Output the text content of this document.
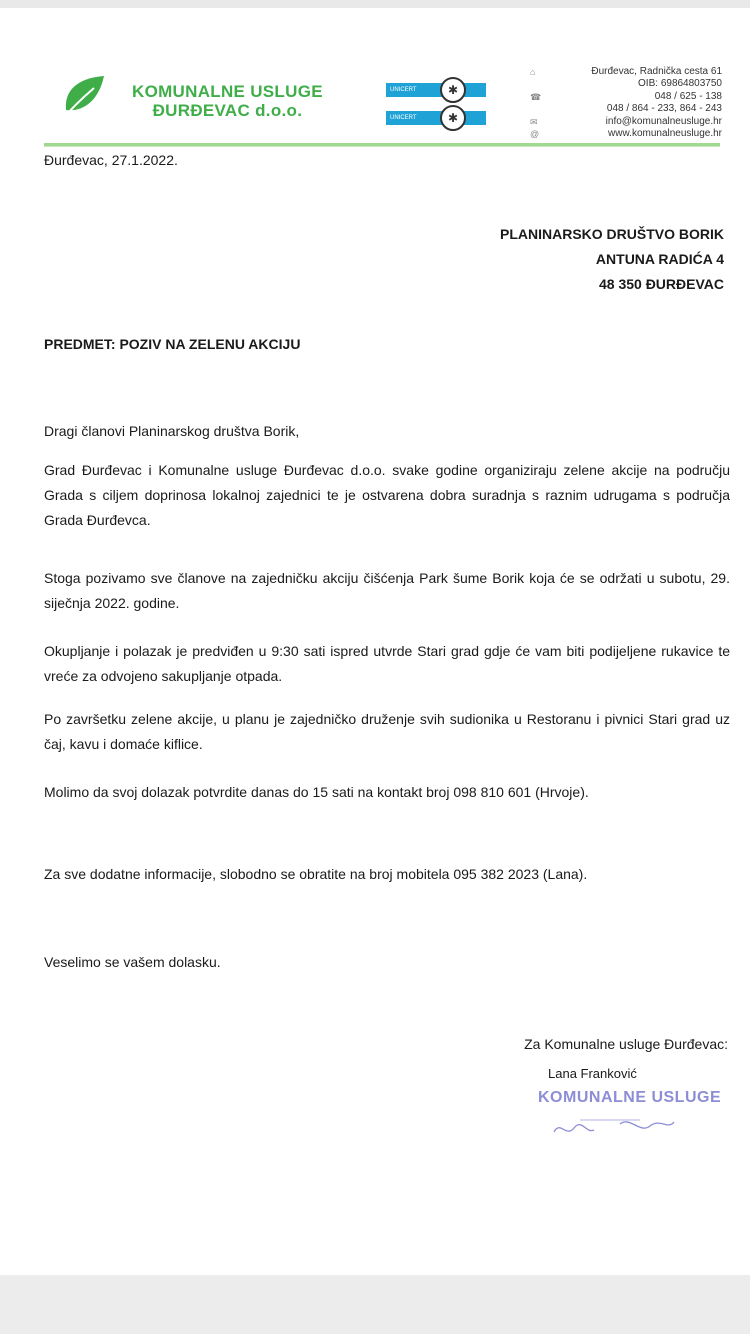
KOMUNALNE USLUGE
ĐURĐEVAC d.o.o.
UNICERT	✱
UNICERT	✱
⌂	Đurđevac, Radnička cesta 61
OIB: 69864803750
☎	048 / 625 - 138
048 / 864 - 233, 864 - 243
✉	info@komunalneusluge.hr
@	www.komunalneusluge.hr
Đurđevac, 27.1.2022.
PLANINARSKO DRUŠTVO BORIK
ANTUNA RADIĆA 4
48 350 ĐURĐEVAC
PREDMET: POZIV NA ZELENU AKCIJU
Dragi članovi Planinarskog društva Borik,
Grad Đurđevac i Komunalne usluge Đurđevac d.o.o. svake godine organiziraju zelene akcije na području Grada s ciljem doprinosa lokalnoj zajednici te je ostvarena dobra suradnja s raznim udrugama s područja Grada Đurđevca.
Stoga pozivamo sve članove na zajedničku akciju čišćenja Park šume Borik koja će se održati u subotu, 29. siječnja 2022. godine.
Okupljanje i polazak je predviđen u 9:30 sati ispred utvrde Stari grad gdje će vam biti podijeljene rukavice te vreće za odvojeno sakupljanje otpada.
Po završetku zelene akcije, u planu je zajedničko druženje svih sudionika u Restoranu i pivnici Stari grad uz čaj, kavu i domaće kiflice.
Molimo da svoj dolazak potvrdite danas do 15 sati na kontakt broj 098 810 601 (Hrvoje).
Za sve dodatne informacije, slobodno se obratite na broj mobitela 095 382 2023 (Lana).
Veselimo se vašem dolasku.
Za Komunalne usluge Đurđevac:
Lana Franković
KOMUNALNE USLUGE
